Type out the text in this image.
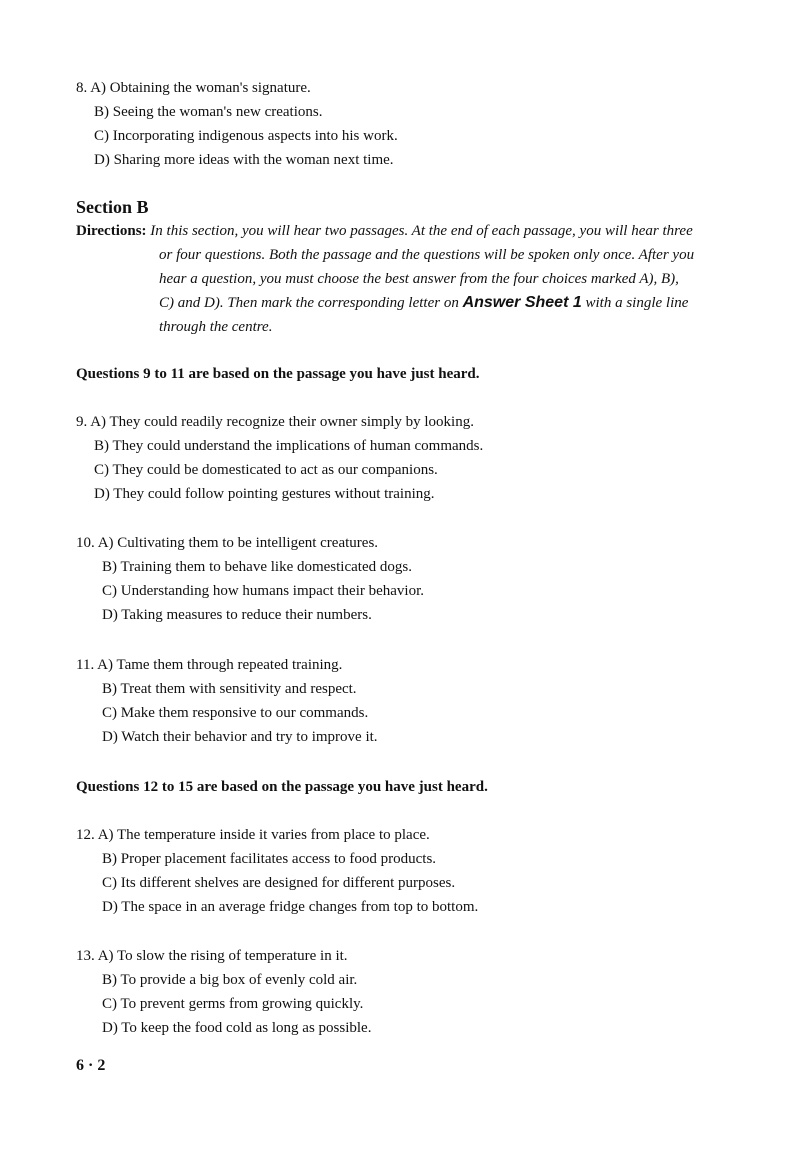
8. A) Obtaining the woman's signature.
B) Seeing the woman's new creations.
C) Incorporating indigenous aspects into his work.
D) Sharing more ideas with the woman next time.
Section B
Directions: In this section, you will hear two passages. At the end of each passage, you will hear three
or four questions. Both the passage and the questions will be spoken only once. After you
hear a question, you must choose the best answer from the four choices marked A), B),
C) and D). Then mark the corresponding letter on Answer Sheet 1 with a single line
through the centre.
Questions 9 to 11 are based on the passage you have just heard.
9. A) They could readily recognize their owner simply by looking.
B) They could understand the implications of human commands.
C) They could be domesticated to act as our companions.
D) They could follow pointing gestures without training.
10. A) Cultivating them to be intelligent creatures.
B) Training them to behave like domesticated dogs.
C) Understanding how humans impact their behavior.
D) Taking measures to reduce their numbers.
11. A) Tame them through repeated training.
B) Treat them with sensitivity and respect.
C) Make them responsive to our commands.
D) Watch their behavior and try to improve it.
Questions 12 to 15 are based on the passage you have just heard.
12. A) The temperature inside it varies from place to place.
B) Proper placement facilitates access to food products.
C) Its different shelves are designed for different purposes.
D) The space in an average fridge changes from top to bottom.
13. A) To slow the rising of temperature in it.
B) To provide a big box of evenly cold air.
C) To prevent germs from growing quickly.
D) To keep the food cold as long as possible.
6 · 2
